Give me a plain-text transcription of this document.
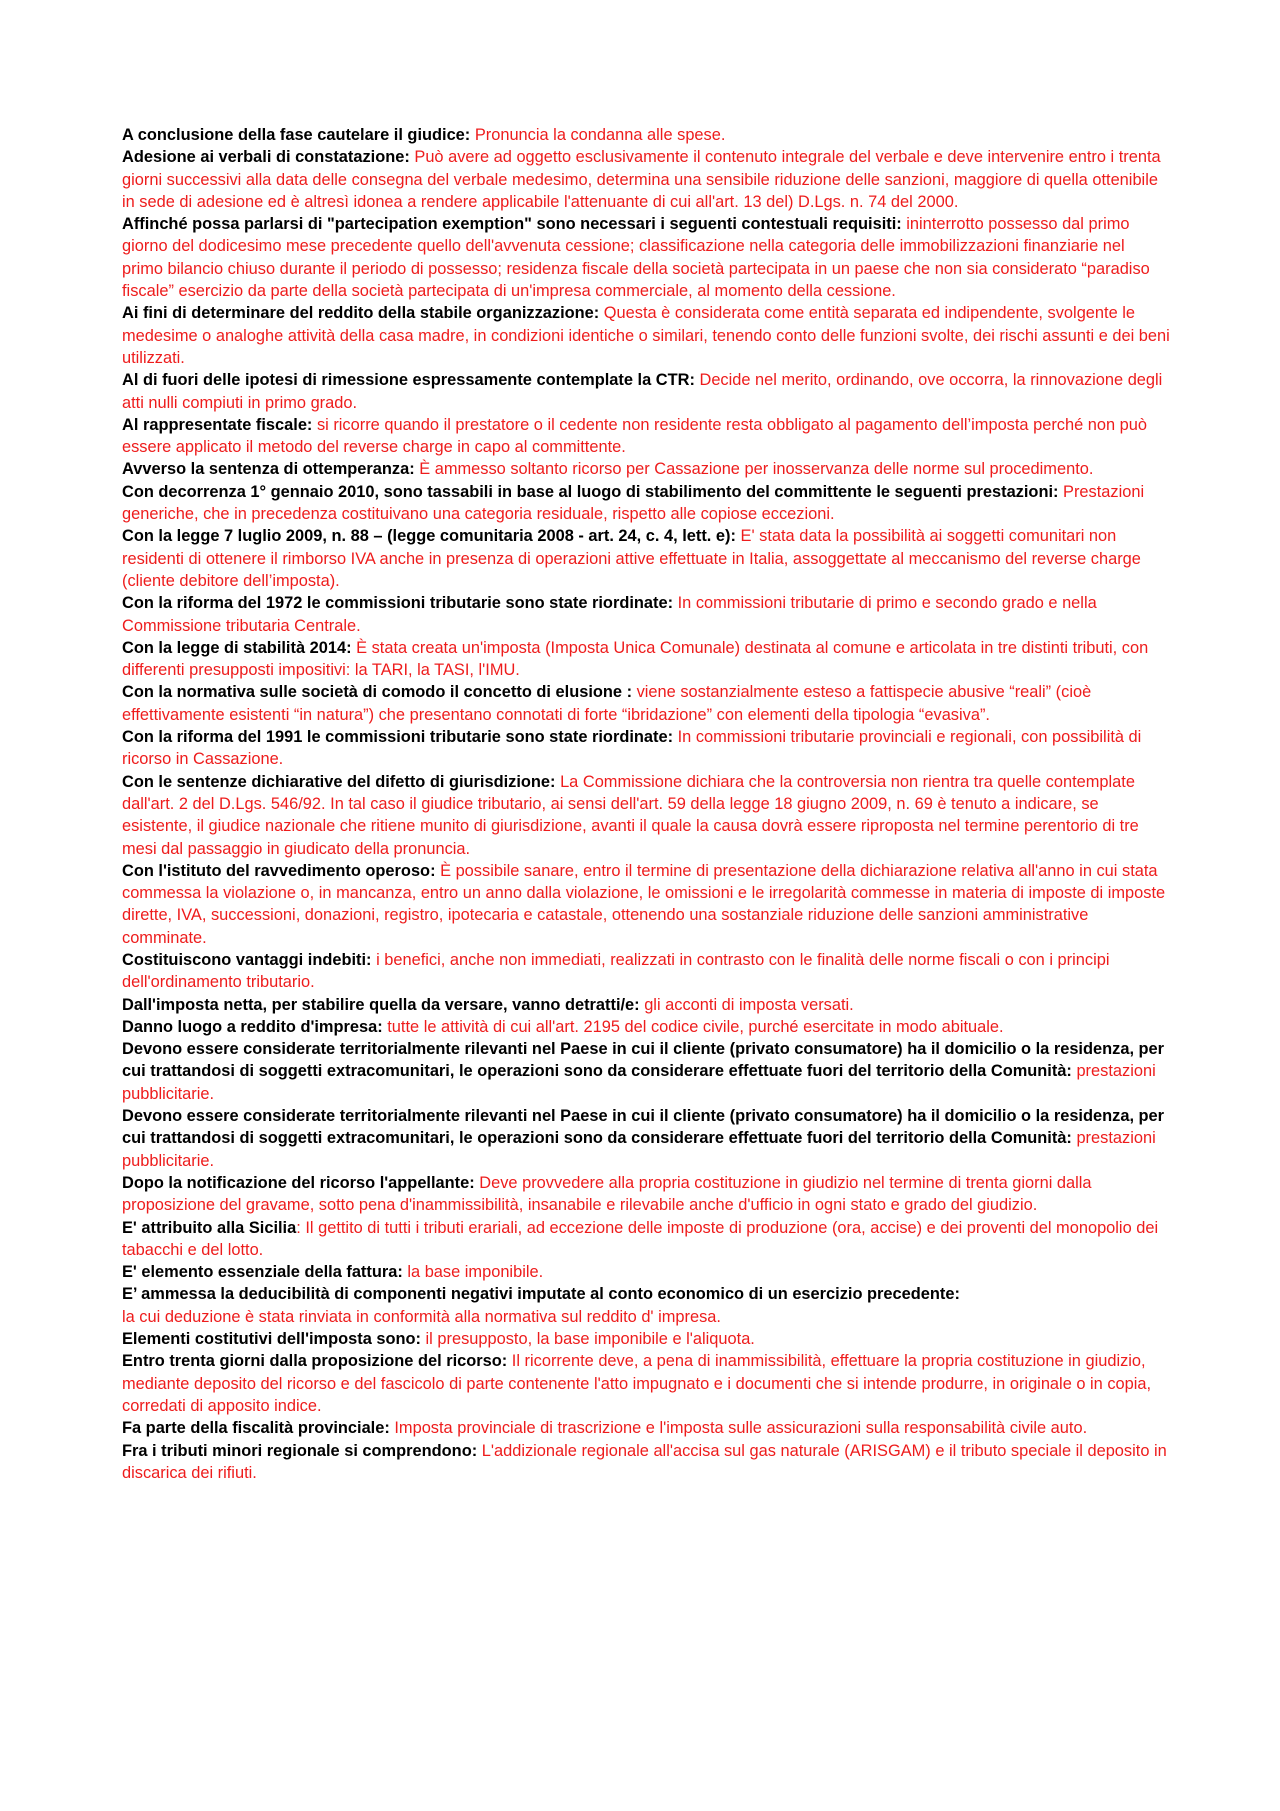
A conclusione della fase cautelare il giudice: Pronuncia la condanna alle spese.

Adesione ai verbali di constatazione: Può avere ad oggetto esclusivamente il contenuto integrale del verbale e deve intervenire entro i trenta giorni successivi alla data delle consegna del verbale medesimo, determina una sensibile riduzione delle sanzioni, maggiore di quella ottenibile in sede di adesione ed è altresì idonea a rendere applicabile l'attenuante di cui all'art. 13 del) D.Lgs. n. 74 del 2000.

Affinché possa parlarsi di "partecipation exemption" sono necessari i seguenti contestuali requisiti: ininterrotto possesso dal primo giorno del dodicesimo mese precedente quello dell'avvenuta cessione; classificazione nella categoria delle immobilizzazioni finanziarie nel primo bilancio chiuso durante il periodo di possesso; residenza fiscale della società partecipata in un paese che non sia considerato “paradiso fiscale” esercizio da parte della società partecipata di un'impresa commerciale, al momento della cessione.

Ai fini di determinare del reddito della stabile organizzazione: Questa è considerata come entità separata ed indipendente, svolgente le medesime o analoghe attività della casa madre, in condizioni identiche o similari, tenendo conto delle funzioni svolte, dei rischi assunti e dei beni utilizzati.

Al di fuori delle ipotesi di rimessione espressamente contemplate la CTR: Decide nel merito, ordinando, ove occorra, la rinnovazione degli atti nulli compiuti in primo grado.

Al rappresentate fiscale: si ricorre quando il prestatore o il cedente non residente resta obbligato al pagamento dell’imposta perché non può essere applicato il metodo del reverse charge in capo al committente.

Avverso la sentenza di ottemperanza: È ammesso soltanto ricorso per Cassazione per inosservanza delle norme sul procedimento.

Con decorrenza 1° gennaio 2010, sono tassabili in base al luogo di stabilimento del committente le seguenti prestazioni: Prestazioni generiche, che in precedenza costituivano una categoria residuale, rispetto alle copiose eccezioni.

Con la legge 7 luglio 2009, n. 88 – (legge comunitaria 2008 - art. 24, c. 4, lett. e): E' stata data la possibilità ai soggetti comunitari non residenti di ottenere il rimborso IVA anche in presenza di operazioni attive effettuate in Italia, assoggettate al meccanismo del reverse charge (cliente debitore dell’imposta).

Con la riforma del 1972 le commissioni tributarie sono state riordinate: In commissioni tributarie di primo e secondo grado e nella Commissione tributaria Centrale.

Con la legge di stabilità 2014: È stata creata un'imposta (Imposta Unica Comunale) destinata al comune e articolata in tre distinti tributi, con differenti presupposti impositivi: la TARI, la TASI, l'IMU.

Con la normativa sulle società di comodo il concetto di elusione : viene sostanzialmente esteso a fattispecie abusive “reali” (cioè effettivamente esistenti “in natura”) che presentano connotati di forte “ibridazione” con elementi della tipologia “evasiva”.

Con la riforma del 1991 le commissioni tributarie sono state riordinate: In commissioni tributarie provinciali e regionali, con possibilità di ricorso in Cassazione.

Con le sentenze dichiarative del difetto di giurisdizione: La Commissione dichiara che la controversia non rientra tra quelle contemplate dall'art. 2 del D.Lgs. 546/92. In tal caso il giudice tributario, ai sensi dell'art. 59 della legge 18 giugno 2009, n. 69 è tenuto a indicare, se esistente, il giudice nazionale che ritiene munito di giurisdizione, avanti il quale la causa dovrà essere riproposta nel termine perentorio di tre mesi dal passaggio in giudicato della pronuncia.

Con l'istituto del ravvedimento operoso: È possibile sanare, entro il termine di presentazione della dichiarazione relativa all'anno in cui stata commessa la violazione o, in mancanza, entro un anno dalla violazione, le omissioni e le irregolarità commesse in materia di imposte di imposte dirette, IVA, successioni, donazioni, registro, ipotecaria e catastale, ottenendo una sostanziale riduzione delle sanzioni amministrative comminate.

Costituiscono vantaggi indebiti: i benefici, anche non immediati, realizzati in contrasto con le finalità delle norme fiscali o con i principi dell'ordinamento tributario.

Dall'imposta netta, per stabilire quella da versare, vanno detratti/e: gli acconti di imposta versati.

Danno luogo a reddito d'impresa: tutte le attività di cui all'art. 2195 del codice civile, purché esercitate in modo abituale.

Devono essere considerate territorialmente rilevanti nel Paese in cui il cliente (privato consumatore) ha il domicilio o la residenza, per cui trattandosi di soggetti extracomunitari, le operazioni sono da considerare effettuate fuori del territorio della Comunità: prestazioni pubblicitarie.

Devono essere considerate territorialmente rilevanti nel Paese in cui il cliente (privato consumatore) ha il domicilio o la residenza, per cui trattandosi di soggetti extracomunitari, le operazioni sono da considerare effettuate fuori del territorio della Comunità: prestazioni pubblicitarie.

Dopo la notificazione del ricorso l'appellante: Deve provvedere alla propria costituzione in giudizio nel termine di trenta giorni dalla proposizione del gravame, sotto pena d'inammissibilità, insanabile e rilevabile anche d'ufficio in ogni stato e grado del giudizio.

E' attribuito alla Sicilia: Il gettito di tutti i tributi erariali, ad eccezione delle imposte di produzione (ora, accise) e dei proventi del monopolio dei tabacchi e del lotto.

E' elemento essenziale della fattura: la base imponibile.

E’ ammessa la deducibilità di componenti negativi imputate al conto economico di un esercizio precedente:
la cui deduzione è stata rinviata in conformità alla normativa sul reddito d' impresa.

Elementi costitutivi dell'imposta sono: il presupposto, la base imponibile e l'aliquota.

Entro trenta giorni dalla proposizione del ricorso: Il ricorrente deve, a pena di inammissibilità, effettuare la propria costituzione in giudizio, mediante deposito del ricorso e del fascicolo di parte contenente l'atto impugnato e i documenti che si intende produrre, in originale o in copia, corredati di apposito indice.

Fa parte della fiscalità provinciale: Imposta provinciale di trascrizione e l'imposta sulle assicurazioni sulla responsabilità civile auto.

Fra i tributi minori regionale si comprendono: L'addizionale regionale all'accisa sul gas naturale (ARISGAM) e il tributo speciale il deposito in discarica dei rifiuti.
